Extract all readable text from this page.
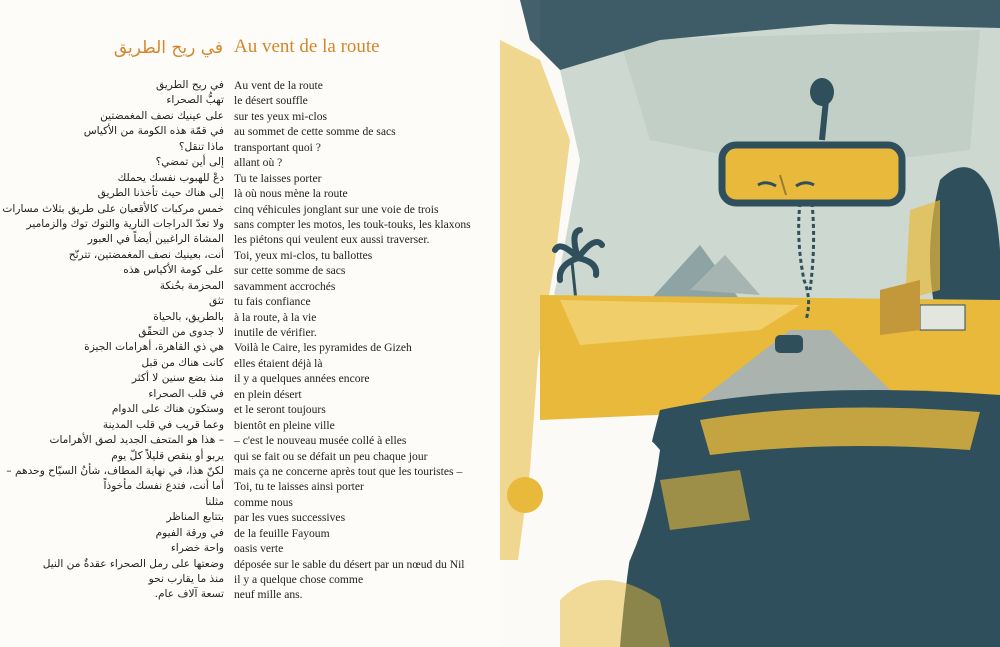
في ريح الطريق Au vent de la route
في ريح الطريق
تهبُّ الصحراء
على عينيك نصف المغمضتين
في قمّة هذه الكومة من الأكياس
ماذا تنقل؟
إلى أين تمضي؟
دعْ للهبوب نفسك يحملك
إلى هناك حيث تأخذنا الطريق
خمس مركبات كالأقعبان على طريق بثلاث مسارات
ولا تعدّ الدراجات النارية والتوك توك والزمامير
المشاة الراغبين أيضاً في العبور
أنت، بعينيك نصف المغمضتين، تترنّح
على كومة الأكياس هذه
المحزمة بحُنكة
تثق
بالطريق، بالحياة
لا جدوى من التحقّق
هي ذي القاهرة، أهرامات الجيزة
كانت هناك من قبل
منذ بضع سنين لا أكثر
في قلب الصحراء
وستكون هناك على الدوام
وعما قريب في قلب المدينة
– هذا هو المتحف الجديد لصق الأهرامات
يربو أو ينقص قليلاً كلّ يوم
لكنّ هذا، في نهاية المطاف، شأنُ السيّاح وحدهم –
أما أنت، فتدع نفسك مأخوذاً
مثلنا
بتتابع المناظر
في ورقة الفيوم
واحة خضراء
وضعتها على رمل الصحراء عقدةٌ من النيل
منذ ما يقارب نحو
تسعة آلاف عام.
Au vent de la route
le désert souffle
sur tes yeux mi-clos
au sommet de cette somme de sacs
transportant quoi ?
allant où ?
Tu te laisses porter
là où nous mène la route
cinq véhicules jonglant sur une voie de trois
sans compter les motos, les touk-touks, les klaxons
les piétons qui veulent eux aussi traverser.
Toi, yeux mi-clos, tu ballottes
sur cette somme de sacs
savamment accrochés
tu fais confiance
à la route, à la vie
inutile de vérifier.
Voilà le Caire, les pyramides de Gizeh
elles étaient déjà là
il y a quelques années encore
en plein désert
et le seront toujours
bientôt en pleine ville
– c'est le nouveau musée collé à elles
qui se fait ou se défait un peu chaque jour
mais ça ne concerne après tout que les touristes –
Toi, tu te laisses ainsi porter
comme nous
par les vues successives
de la feuille Fayoum
oasis verte
déposée sur le sable du désert par un nœud du Nil
il y a quelque chose comme
neuf mille ans.
